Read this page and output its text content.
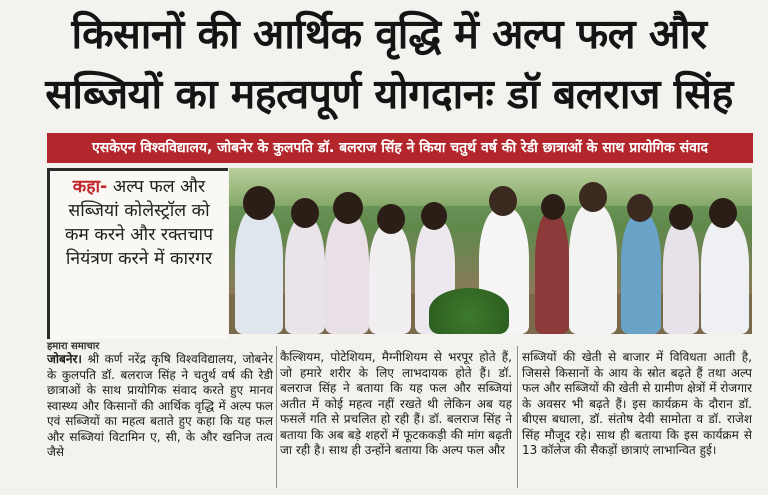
किसानों की आर्थिक वृद्धि में अल्प फल और
सब्जियों का महत्वपूर्ण योगदानः डॉ बलराज सिंह
एसकेएन विश्वविद्यालय, जोबनेर के कुलपति डॉ. बलराज सिंह ने किया चतुर्थ वर्ष की रेडी छात्राओं के साथ प्रायोगिक संवाद
कहा- अल्प फल और सब्जियां कोलेस्ट्रॉल को कम करने और रक्तचाप नियंत्रण करने में कारगर
हमारा समाचार
जोबनेर। श्री कर्ण नरेंद्र कृषि विश्वविद्यालय, जोबनेर के कुलपति डॉ. बलराज सिंह ने चतुर्थ वर्ष की रेडी छात्राओं के साथ प्रायोगिक संवाद करते हुए मानव स्वास्थ्य और किसानों की आर्थिक वृद्धि में अल्प फल एवं सब्जियों का महत्व बताते हुए कहा कि यह फल और सब्जियां विटामिन ए, सी, के और खनिज तत्व जैसे
कैल्शियम, पोटेशियम, मैग्नीशियम से भरपूर होते हैं, जो हमारे शरीर के लिए लाभदायक होते हैं। डॉ. बलराज सिंह ने बताया कि यह फल और सब्जियां अतीत में कोई महत्व नहीं रखते थी लेकिन अब यह फसलें गति से प्रचलित हो रही हैं। डॉ. बलराज सिंह ने बताया कि अब बड़े शहरों में फूटककड़ी की मांग बढ़ती जा रही है। साथ ही उन्होंने बताया कि अल्प फल और
सब्जियों की खेती से बाजार में विविधता आती है, जिससे किसानों के आय के स्रोत बढ़ते हैं तथा अल्प फल और सब्जियों की खेती से ग्रामीण क्षेत्रों में रोजगार के अवसर भी बढ़ते हैं। इस कार्यक्रम के दौरान डॉ. बीएस बधाला, डॉ. संतोष देवी सामोता व डॉ. राजेश सिंह मौजूद रहे। साथ ही बताया कि इस कार्यक्रम से 13 कॉलेज की सैकड़ों छात्राएं लाभान्वित हुई।
